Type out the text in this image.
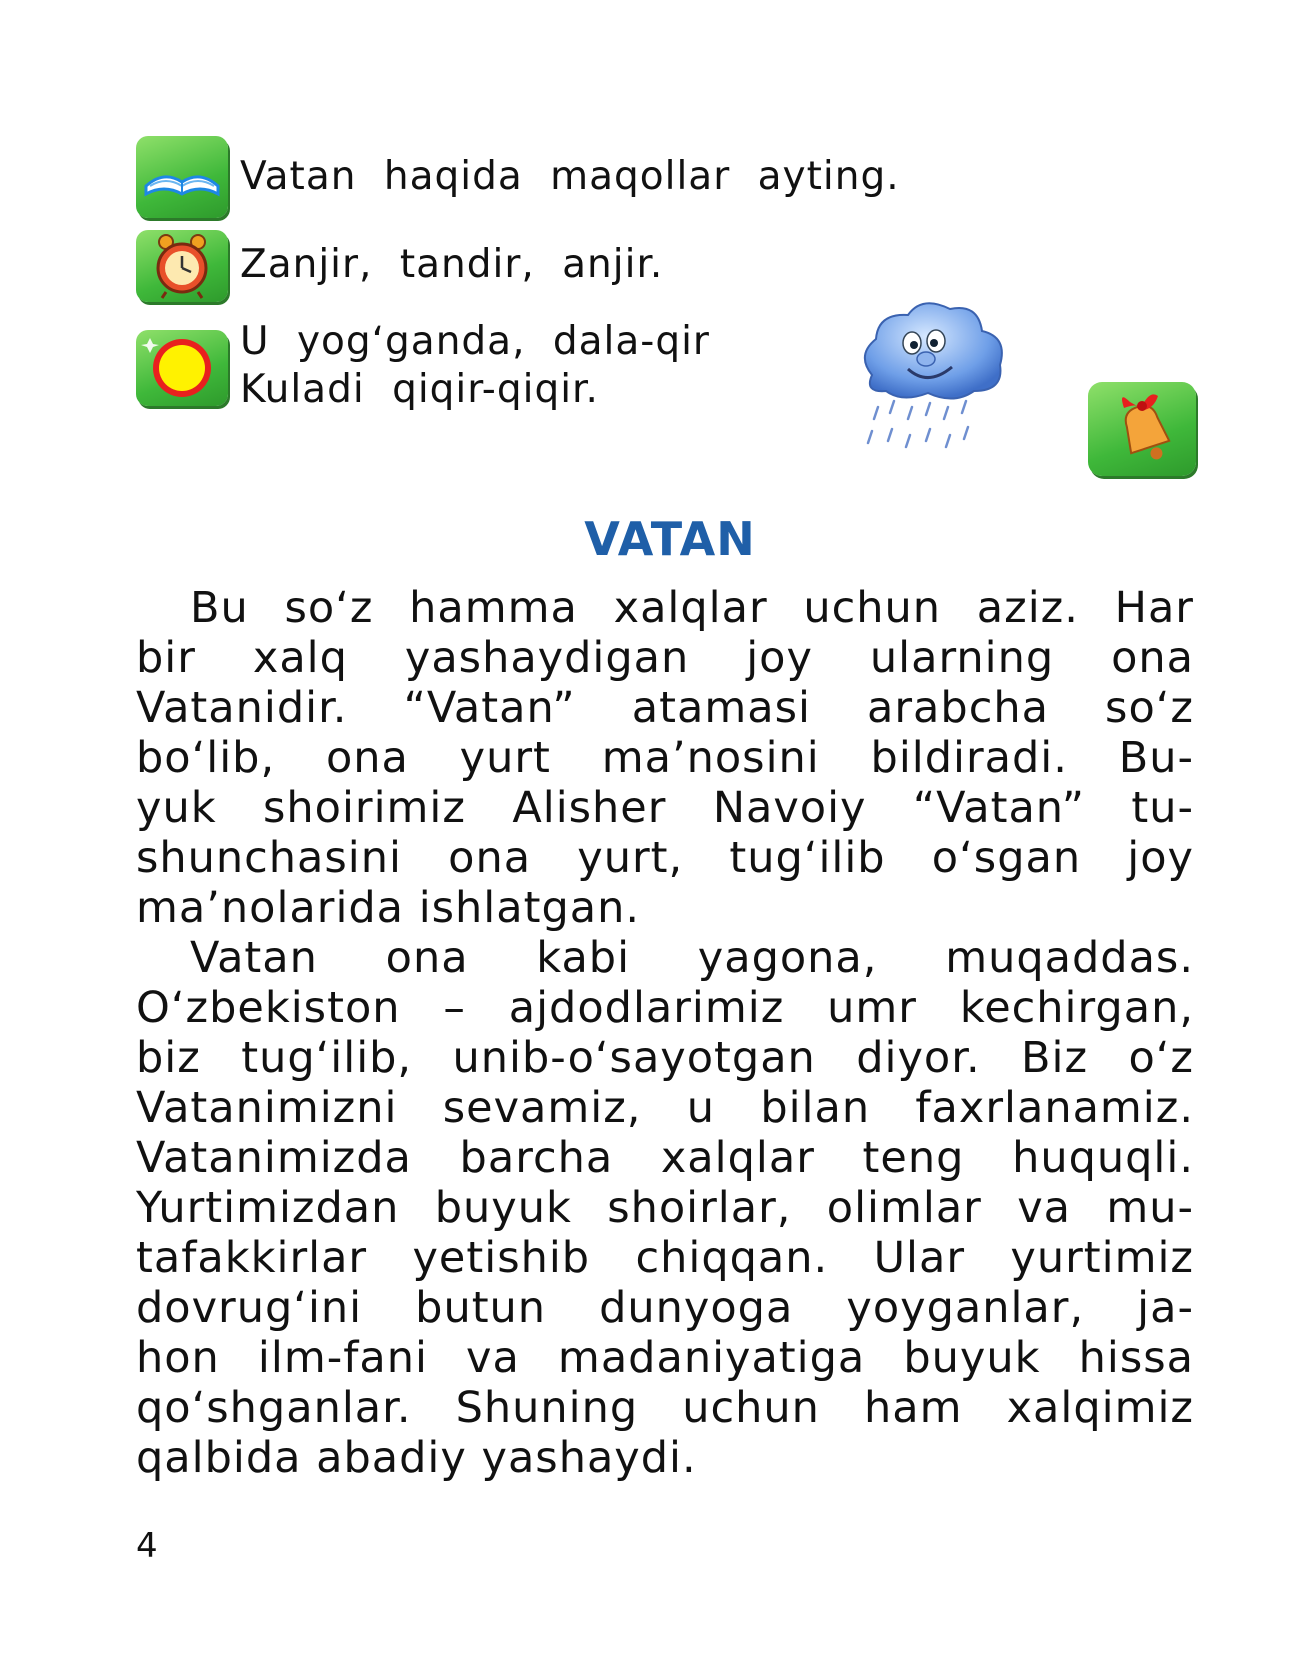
Vatan haqida maqollar ayting.
Zanjir, tandir, anjir.
U yog‘ganda, dala-qir
Kuladi qiqir-qiqir.
VATAN
Bu so‘z hamma xalqlar uchun aziz. Har
bir xalq yashaydigan joy ularning ona
Vatanidir. “Vatan” atamasi arabcha so‘z
bo‘lib, ona yurt ma’nosini bildiradi. Bu-
yuk shoirimiz Alisher Navoiy “Vatan” tu-
shunchasini ona yurt, tug‘ilib o‘sgan joy
ma’nolarida ishlatgan.
Vatan ona kabi yagona, muqaddas.
O‘zbekiston – ajdodlarimiz umr kechirgan,
biz tug‘ilib, unib-o‘sayotgan diyor. Biz o‘z
Vatanimizni sevamiz, u bilan faxrlanamiz.
Vatanimizda barcha xalqlar teng huquqli.
Yurtimizdan buyuk shoirlar, olimlar va mu-
tafakkirlar yetishib chiqqan. Ular yurtimiz
dovrug‘ini butun dunyoga yoyganlar, ja-
hon ilm-fani va madaniyatiga buyuk hissa
qo‘shganlar. Shuning uchun ham xalqimiz
qalbida abadiy yashaydi.
4
